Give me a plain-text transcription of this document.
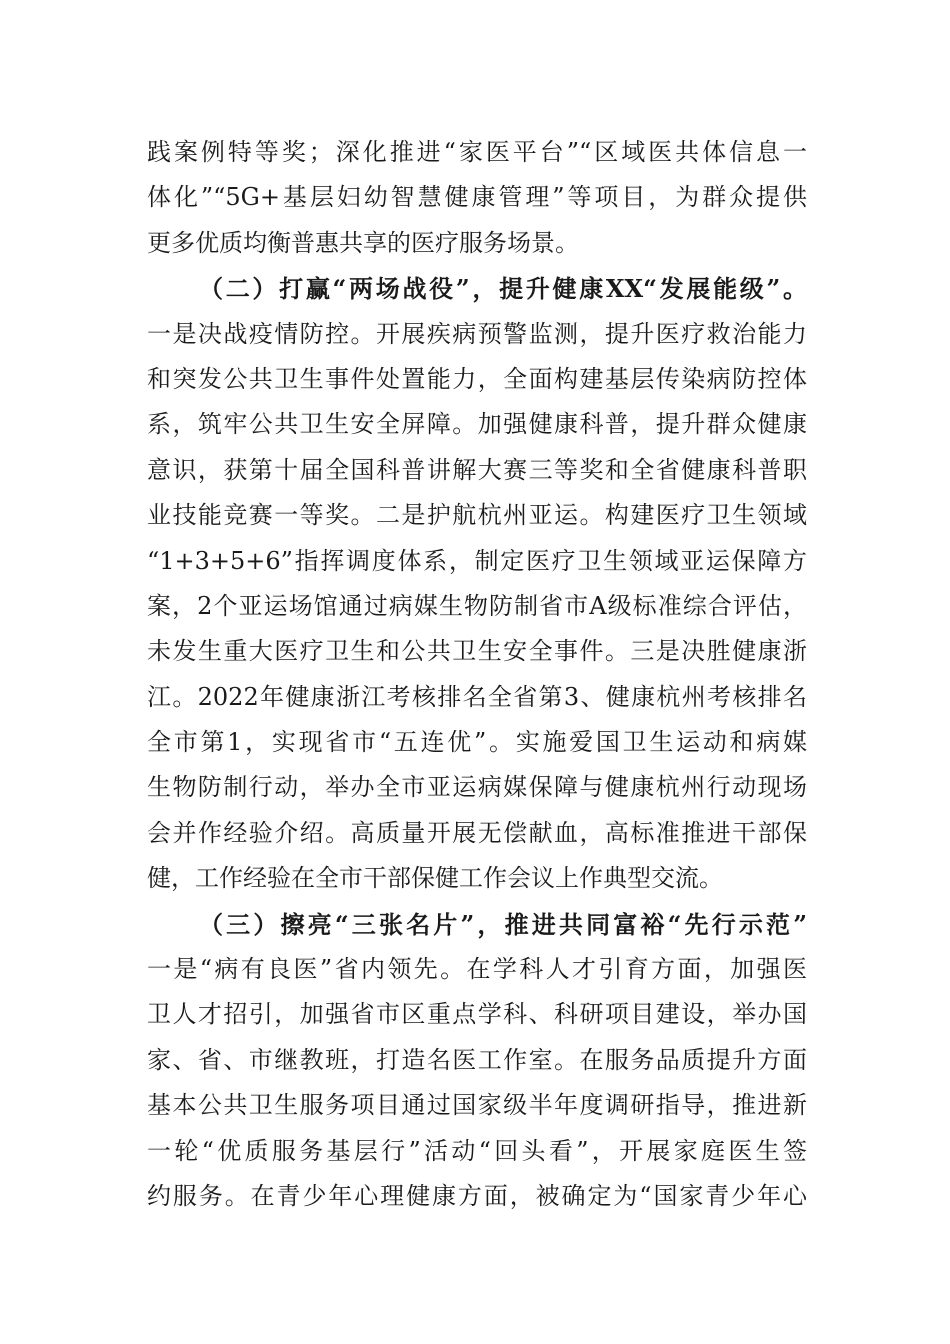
践案例特等奖；深化推进“家医平台”“区域医共体信息一
体化”“5G+基层妇幼智慧健康管理”等项目，为群众提供
更多优质均衡普惠共享的医疗服务场景。
（二）打赢“两场战役”，提升健康XX“发展能级”。
一是决战疫情防控。开展疾病预警监测，提升医疗救治能力
和突发公共卫生事件处置能力，全面构建基层传染病防控体
系，筑牢公共卫生安全屏障。加强健康科普，提升群众健康
意识，获第十届全国科普讲解大赛三等奖和全省健康科普职
业技能竞赛一等奖。二是护航杭州亚运。构建医疗卫生领域
“1+3+5+6”指挥调度体系，制定医疗卫生领域亚运保障方
案，2个亚运场馆通过病媒生物防制省市A级标准综合评估，
未发生重大医疗卫生和公共卫生安全事件。三是决胜健康浙
江。2022年健康浙江考核排名全省第3、健康杭州考核排名
全市第1，实现省市“五连优”。实施爱国卫生运动和病媒
生物防制行动，举办全市亚运病媒保障与健康杭州行动现场
会并作经验介绍。高质量开展无偿献血，高标准推进干部保
健，工作经验在全市干部保健工作会议上作典型交流。
（三）擦亮“三张名片”，推进共同富裕“先行示范”
一是“病有良医”省内领先。在学科人才引育方面，加强医
卫人才招引，加强省市区重点学科、科研项目建设，举办国
家、省、市继教班，打造名医工作室。在服务品质提升方面
基本公共卫生服务项目通过国家级半年度调研指导，推进新
一轮“优质服务基层行”活动“回头看”，开展家庭医生签
约服务。在青少年心理健康方面，被确定为“国家青少年心
